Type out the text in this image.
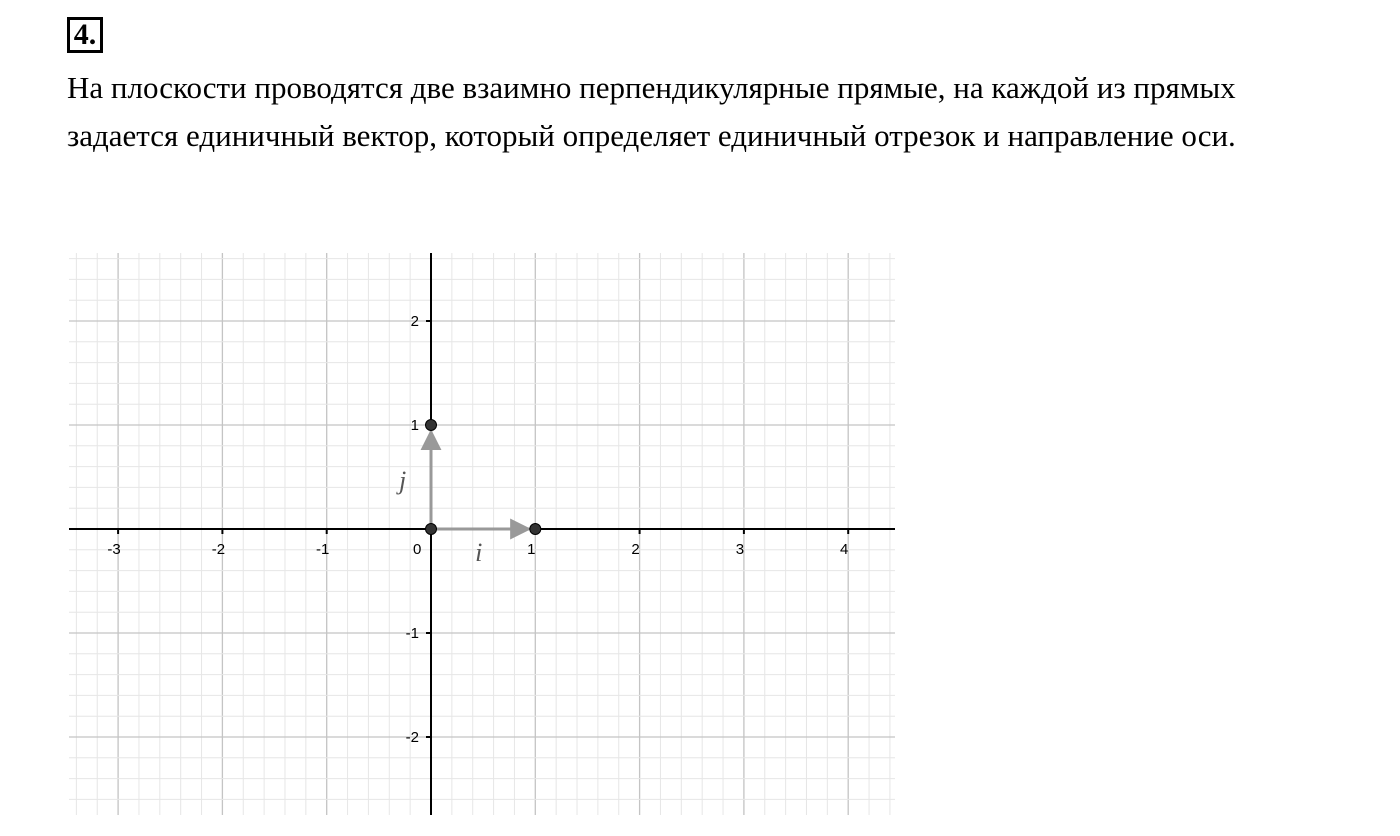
4.

На плоскости проводятся две взаимно перпендикулярные прямые, на каждой из прямых задается единичный вектор, который определяет единичный отрезок и направление оси.

-3	-2	-1	0	1	2	3	4
-2
-1
1
2
i⃗
j⃗
